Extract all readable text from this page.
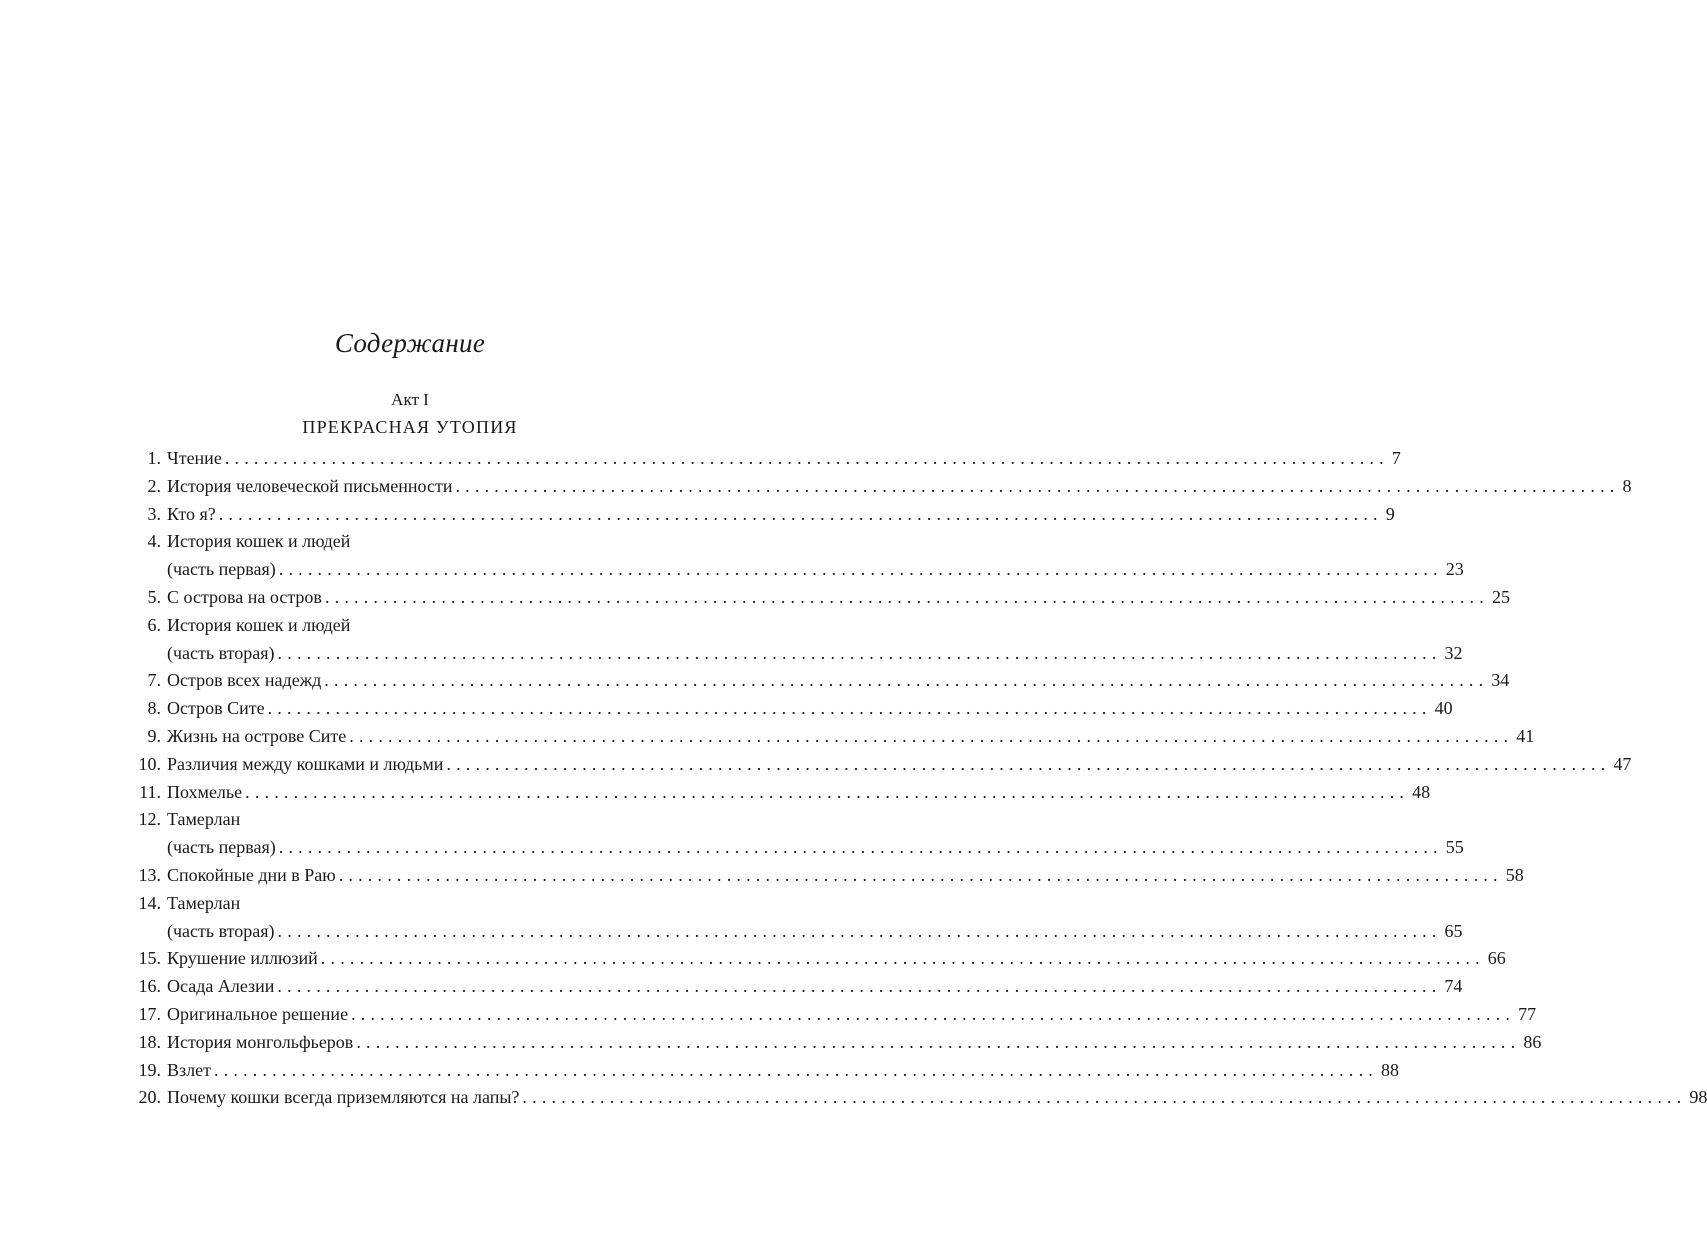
Содержание
Акт I
ПРЕКРАСНАЯ УТОПИЯ
1. Чтение ........................................................................................................................ 7
2. История человеческой письменности ........................................................................................................................ 8
3. Кто я? ........................................................................................................................ 9
4. История кошек и людей
(часть первая) ........................................................................................................................ 23
5. С острова на остров ........................................................................................................................ 25
6. История кошек и людей
(часть вторая) ........................................................................................................................ 32
7. Остров всех надежд ........................................................................................................................ 34
8. Остров Сите ........................................................................................................................ 40
9. Жизнь на острове Сите ........................................................................................................................ 41
10. Различия между кошками и людьми ........................................................................................................................ 47
11. Похмелье ........................................................................................................................ 48
12. Тамерлан
(часть первая) ........................................................................................................................ 55
13. Спокойные дни в Раю ........................................................................................................................ 58
14. Тамерлан
(часть вторая) ........................................................................................................................ 65
15. Крушение иллюзий ........................................................................................................................ 66
16. Осада Алезии ........................................................................................................................ 74
17. Оригинальное решение ........................................................................................................................ 77
18. История монгольфьеров ........................................................................................................................ 86
19. Взлет ........................................................................................................................ 88
20. Почему кошки всегда приземляются на лапы? ........................................................................................................................ 98
